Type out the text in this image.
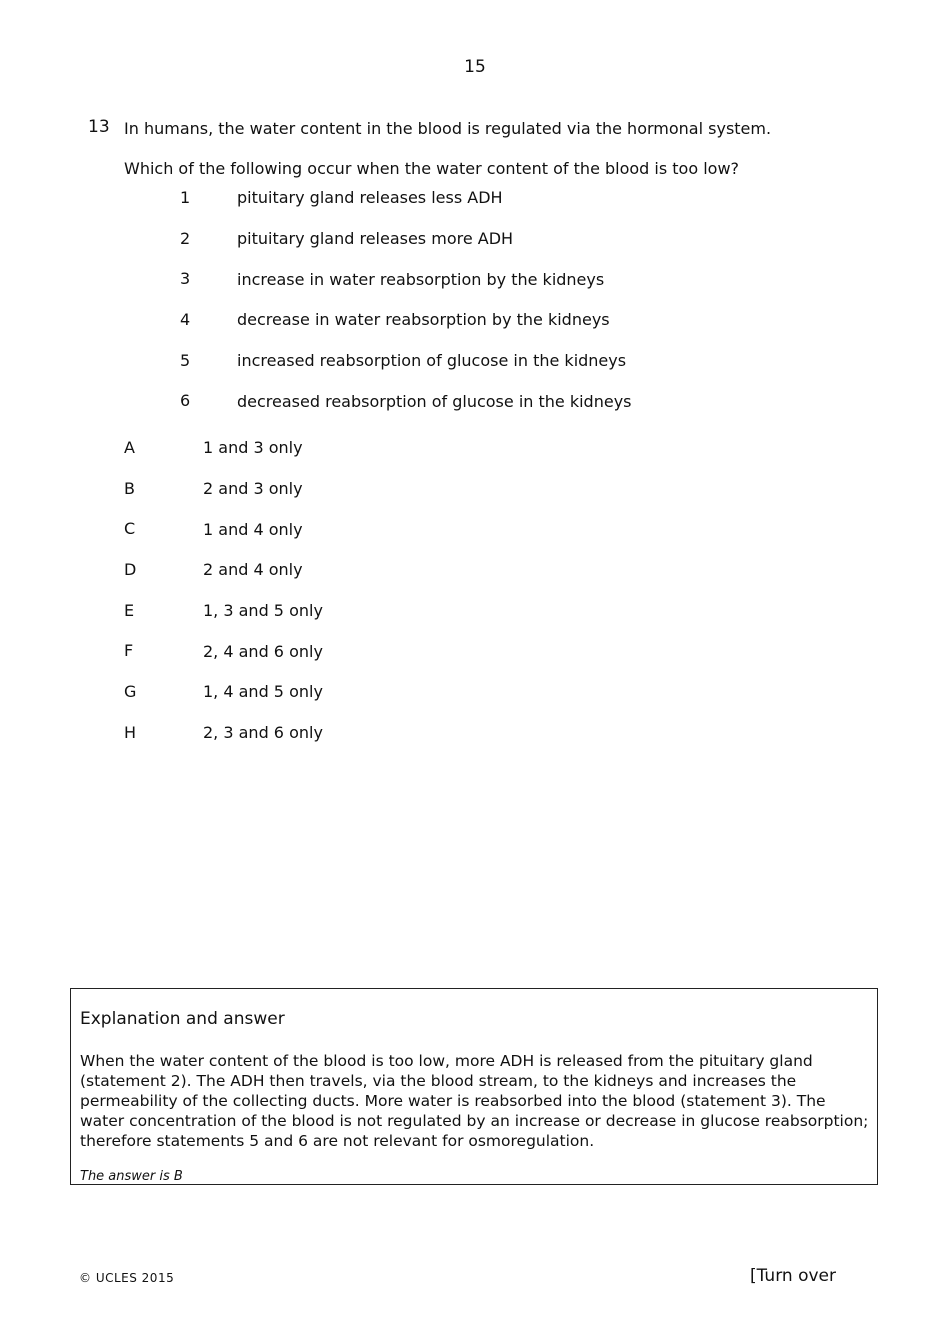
15
13 In humans, the water content in the blood is regulated via the hormonal system.
Which of the following occur when the water content of the blood is too low?
1	pituitary gland releases less ADH
2	pituitary gland releases more ADH
3	increase in water reabsorption by the kidneys
4	decrease in water reabsorption by the kidneys
5	increased reabsorption of glucose in the kidneys
6	decreased reabsorption of glucose in the kidneys
A	1 and 3 only
B	2 and 3 only
C	1 and 4 only
D	2 and 4 only
E	1, 3 and 5 only
F	2, 4 and 6 only
G	1, 4 and 5 only
H	2, 3 and 6 only
Explanation and answer
When the water content of the blood is too low, more ADH is released from the pituitary gland (statement 2). The ADH then travels, via the blood stream, to the kidneys and increases the permeability of the collecting ducts. More water is reabsorbed into the blood (statement 3). The water concentration of the blood is not regulated by an increase or decrease in glucose reabsorption; therefore statements 5 and 6 are not relevant for osmoregulation.
The answer is B
© UCLES 2015	[Turn over
